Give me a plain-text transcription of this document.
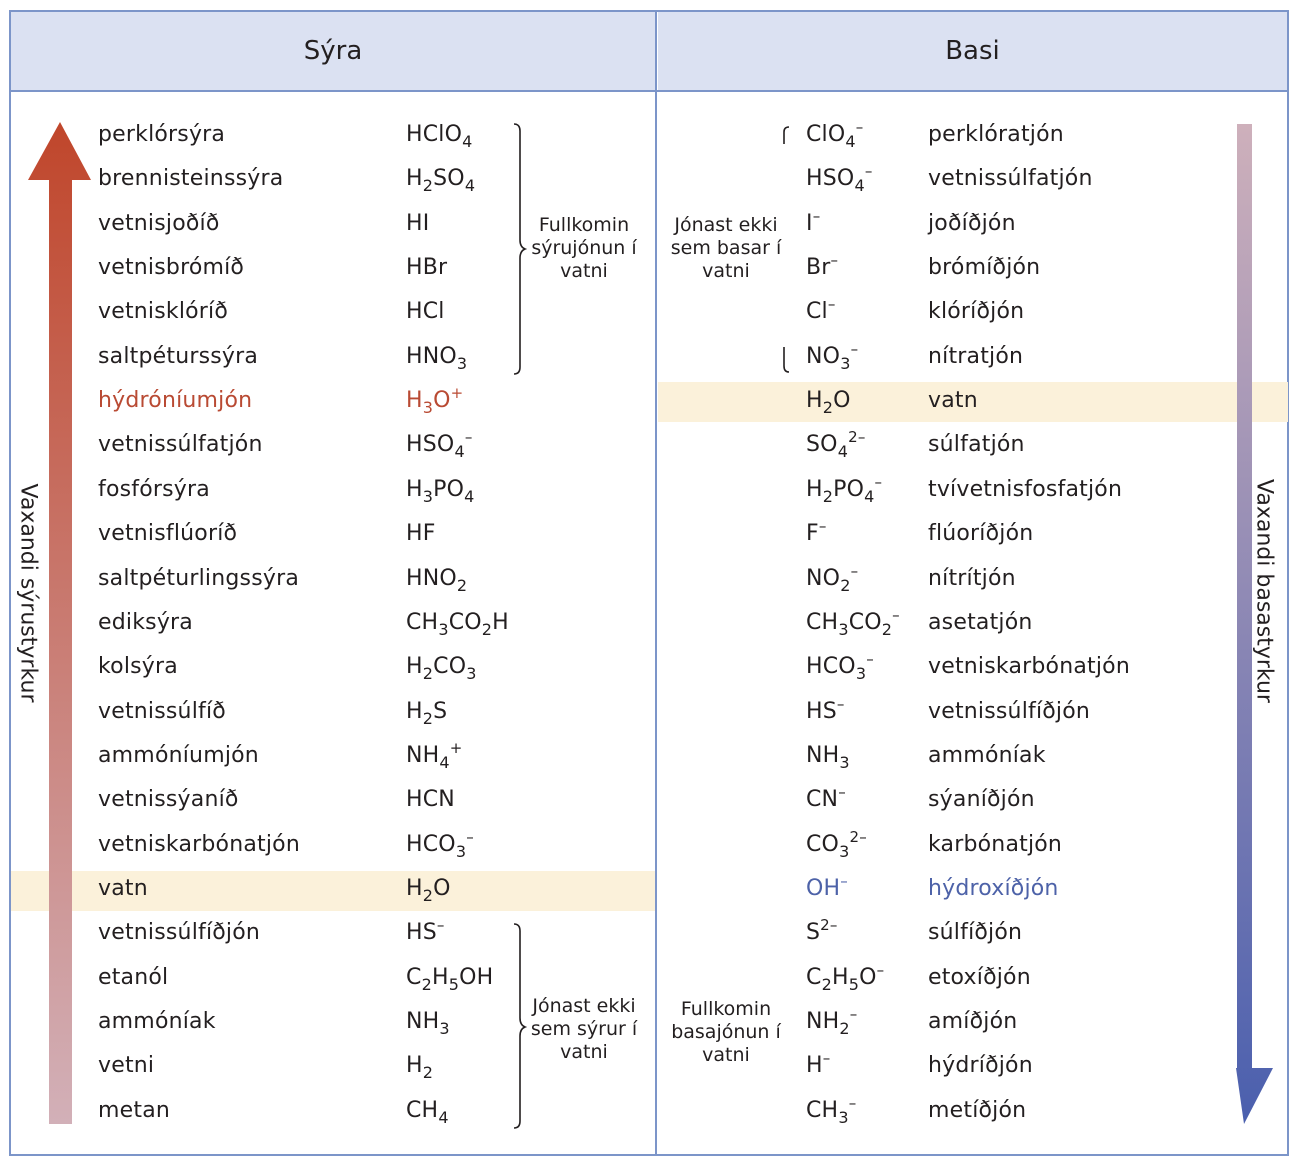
Sýra	Basi
Vaxandi sýrustyrkur	Vaxandi basastyrkur
Fullkomin sýrujónun í vatni
Jónast ekki sem sýrur í vatni
Jónast ekki sem basar í vatni
Fullkomin basajónun í vatni
perklórsýra	HClO$_4$	ClO$_4$–	perklóratjón
brennisteinssýra	$H_2SO_4$	$HSO_4^-$	vetnissúlfatjón
vetnisjoðíð	HI	I–	joðíðjón
vetnisbrómíð	HBr	Br–	brómíðjón
vetnisklóríð	HCl	Cl–	klóríðjón
saltpéturssýra	$HNO_3$	$NO_3^-$	nítratjón
hýdróníumjón	$H_3O^+$	$H_2O$	vatn
vetnissúlfatjón	$HSO_4^-$	$SO_4^{2-}$	súlfatjón
fosfórsýra	$H_3PO_4$	$H_2PO_4^-$ tvívetnisfosfatjón
vetnisflúoríð	HF	F–	flúoríðjón
saltpéturlingssýra	$HNO_2$	$NO_2^-$	nítrítjón
ediksýra	$CH_3CO_2H$	$CH_3CO_2^-$ asetatjón
kolsýra	$H_2CO_3$	$HCO_3^-$ vetniskarbónatjón
vetnissúlfíð	$H_2S$	HS–	vetnissúlfíðjón
ammóníumjón	$NH_4^+$	$NH_3$	ammóníak
vetnissýaníð	HCN	CN–	sýaníðjón
vetniskarbónatjón	$HCO_3^-$	$CO_3^{2-}$	karbónatjón
vatn	$H_2O$	OH–	hýdroxíðjón
vetnissúlfíðjón	HS–	$S^{2-}$	súlfíðjón
etanól	$C_2H_5OH$	$C_2H_5O^-$ etoxíðjón
ammóníak	$NH_3$	$NH_2^-$	amíðjón
vetni	$H_2$	H–	hýdríðjón
metan	$CH_4$	$CH_3^-$	metíðjón
